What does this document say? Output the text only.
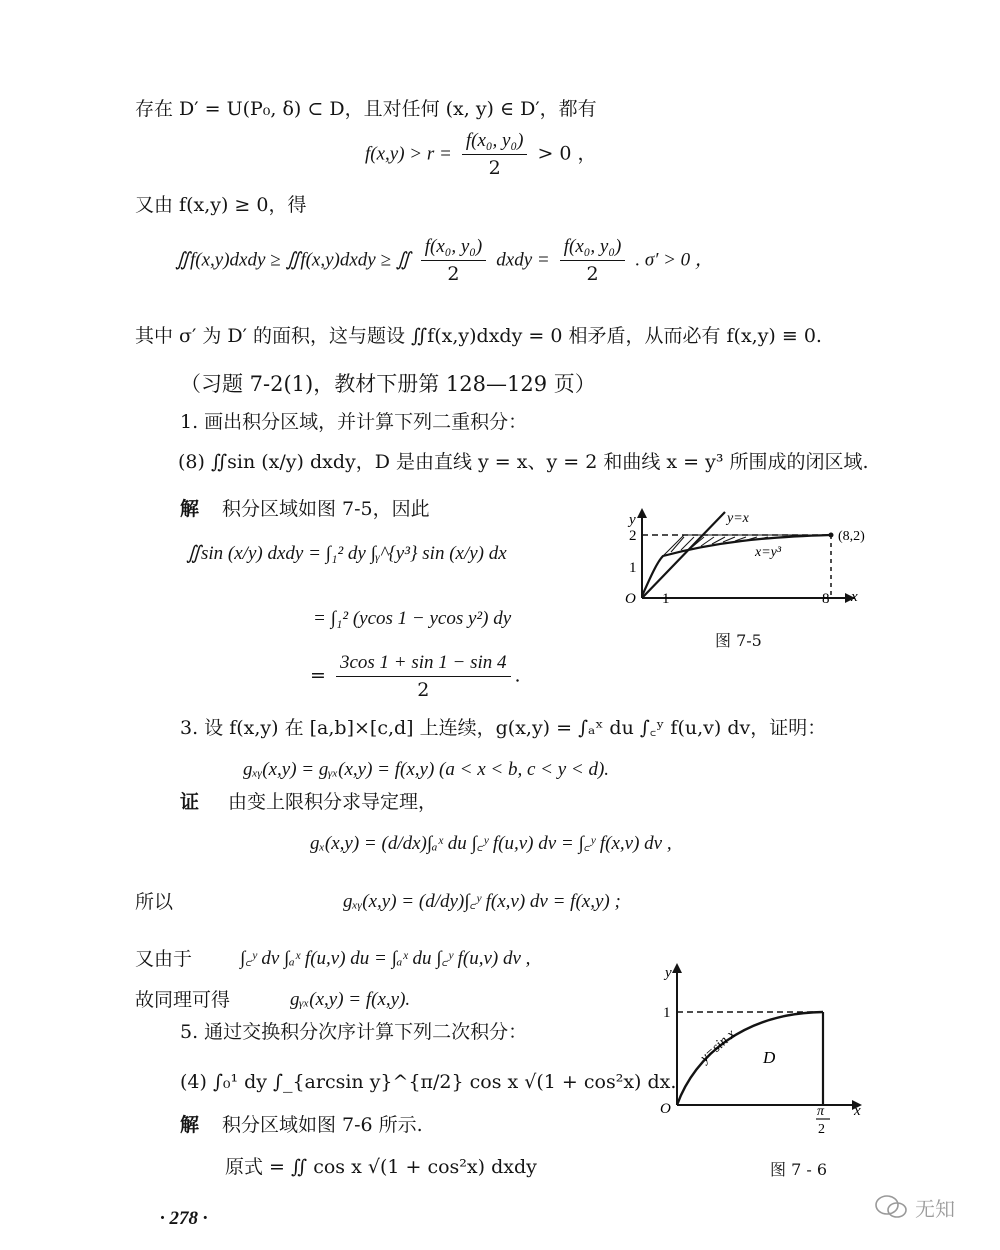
存在 D′ = U(P₀, δ) ⊂ D，且对任何 (x, y) ∈ D′，都有
$f(x,y) > r = \frac{\text{f(x₀, y₀)}}{2} > 0$ ，
又由 f(x,y) ≥ 0，得
∬f(x,y)dxdy ≥ ∬f(x,y)dxdy ≥ ∬ $\frac{\text{f(x₀, y₀)}}{2}$ dxdy = $\frac{\text{f(x₀, y₀)}}{2}$ . σ′ > 0 ，
其中 σ′ 为 D′ 的面积，这与题设 ∬f(x,y)dxdy = 0 相矛盾，从而必有 f(x,y) ≡ 0.
（习题 7-2(1)，教材下册第 128—129 页）
1. 画出积分区域，并计算下列二重积分：
(8) ∬sin (x/y) dxdy，D 是由直线 y = x、y = 2 和曲线 x = y³ 所围成的闭区域.
解 积分区域如图 7-5，因此
∬sin (x/y) dxdy = ∫₁² dy ∫ᵧ^{y³} sin (x/y) dx
= ∫₁² (ycos 1 − ycos y²) dy
= $\frac{3\cos 1 + \sin 1 - \sin 4}{2}$ .
3. 设 f(x,y) 在 [a,b]×[c,d] 上连续，g(x,y) = ∫ₐˣ du ∫꜀ʸ f(u,v) dv，证明：
gₓᵧ(x,y) = gᵧₓ(x,y) = f(x,y) (a < x < b, c < y < d).
证 由变上限积分求导定理，
gₓ(x,y) = (d/dx)∫ₐˣ du ∫꜀ʸ f(u,v) dv = ∫꜀ʸ f(x,v) dv ,
所以	gₓᵧ(x,y) = (d/dy)∫꜀ʸ f(x,v) dv = f(x,y) ;
又由于	∫꜀ʸ dv ∫ₐˣ f(u,v) du = ∫ₐˣ du ∫꜀ʸ f(u,v) dv ,
故同理可得	gᵧₓ(x,y) = f(x,y).
5. 通过交换积分次序计算下列二次积分：
(4) ∫₀¹ dy ∫_{arcsin y}^{π/2} cos x √(1 + cos²x) dx.
解 积分区域如图 7-6 所示.
原式 = ∬ cos x √(1 + cos²x) dxdy
· 278 ·	无知
y
x
O 1	8
1
2
y=x
x=y³
(8,2)
图 7-5
y
x
O
1
π
2
y=sin x D
图 7 - 6
